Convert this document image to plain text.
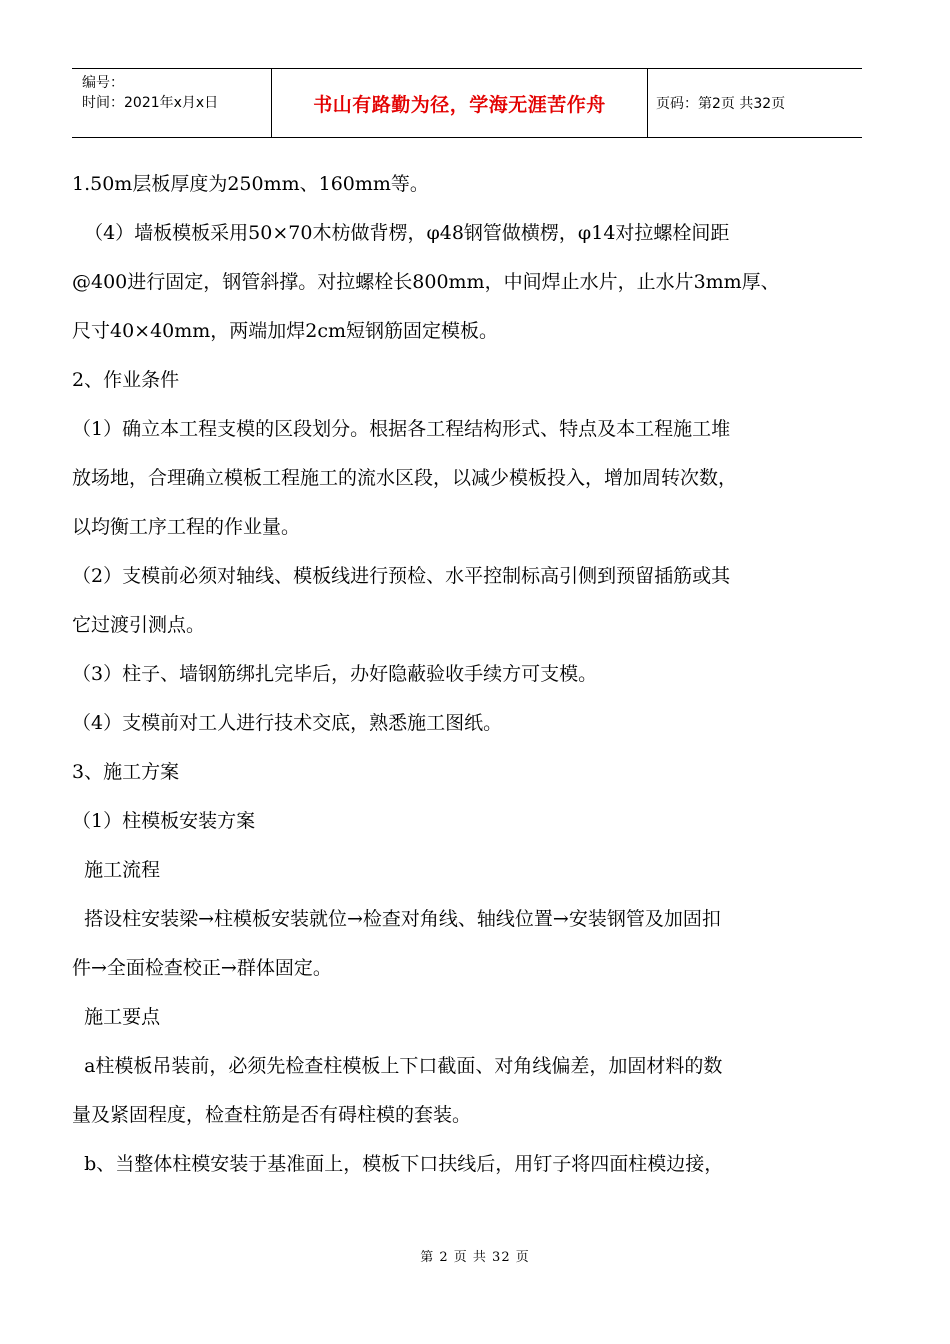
编号：
时间：2021年x月x日	书山有路勤为径，学海无涯苦作舟	页码：第2页 共32页

1.50m层板厚度为250mm、160mm等。

（4）墙板模板采用50×70木枋做背楞，φ48钢管做横楞，φ14对拉螺栓间距

@400进行固定，钢管斜撑。对拉螺栓长800mm，中间焊止水片，止水片3mm厚、

尺寸40×40mm，两端加焊2cm短钢筋固定模板。

2、作业条件

（1）确立本工程支模的区段划分。根据各工程结构形式、特点及本工程施工堆

放场地，合理确立模板工程施工的流水区段，以减少模板投入，增加周转次数，

以均衡工序工程的作业量。

（2）支模前必须对轴线、模板线进行预检、水平控制标高引侧到预留插筋或其

它过渡引测点。

（3）柱子、墙钢筋绑扎完毕后，办好隐蔽验收手续方可支模。

（4）支模前对工人进行技术交底，熟悉施工图纸。

3、施工方案

（1）柱模板安装方案

施工流程

搭设柱安装梁→柱模板安装就位→检查对角线、轴线位置→安装钢管及加固扣

件→全面检查校正→群体固定。

施工要点

a柱模板吊装前，必须先检查柱模板上下口截面、对角线偏差，加固材料的数

量及紧固程度，检查柱筋是否有碍柱模的套装。

b、当整体柱模安装于基准面上，模板下口扶线后，用钉子将四面柱模边接，

第 2 页 共 32 页
